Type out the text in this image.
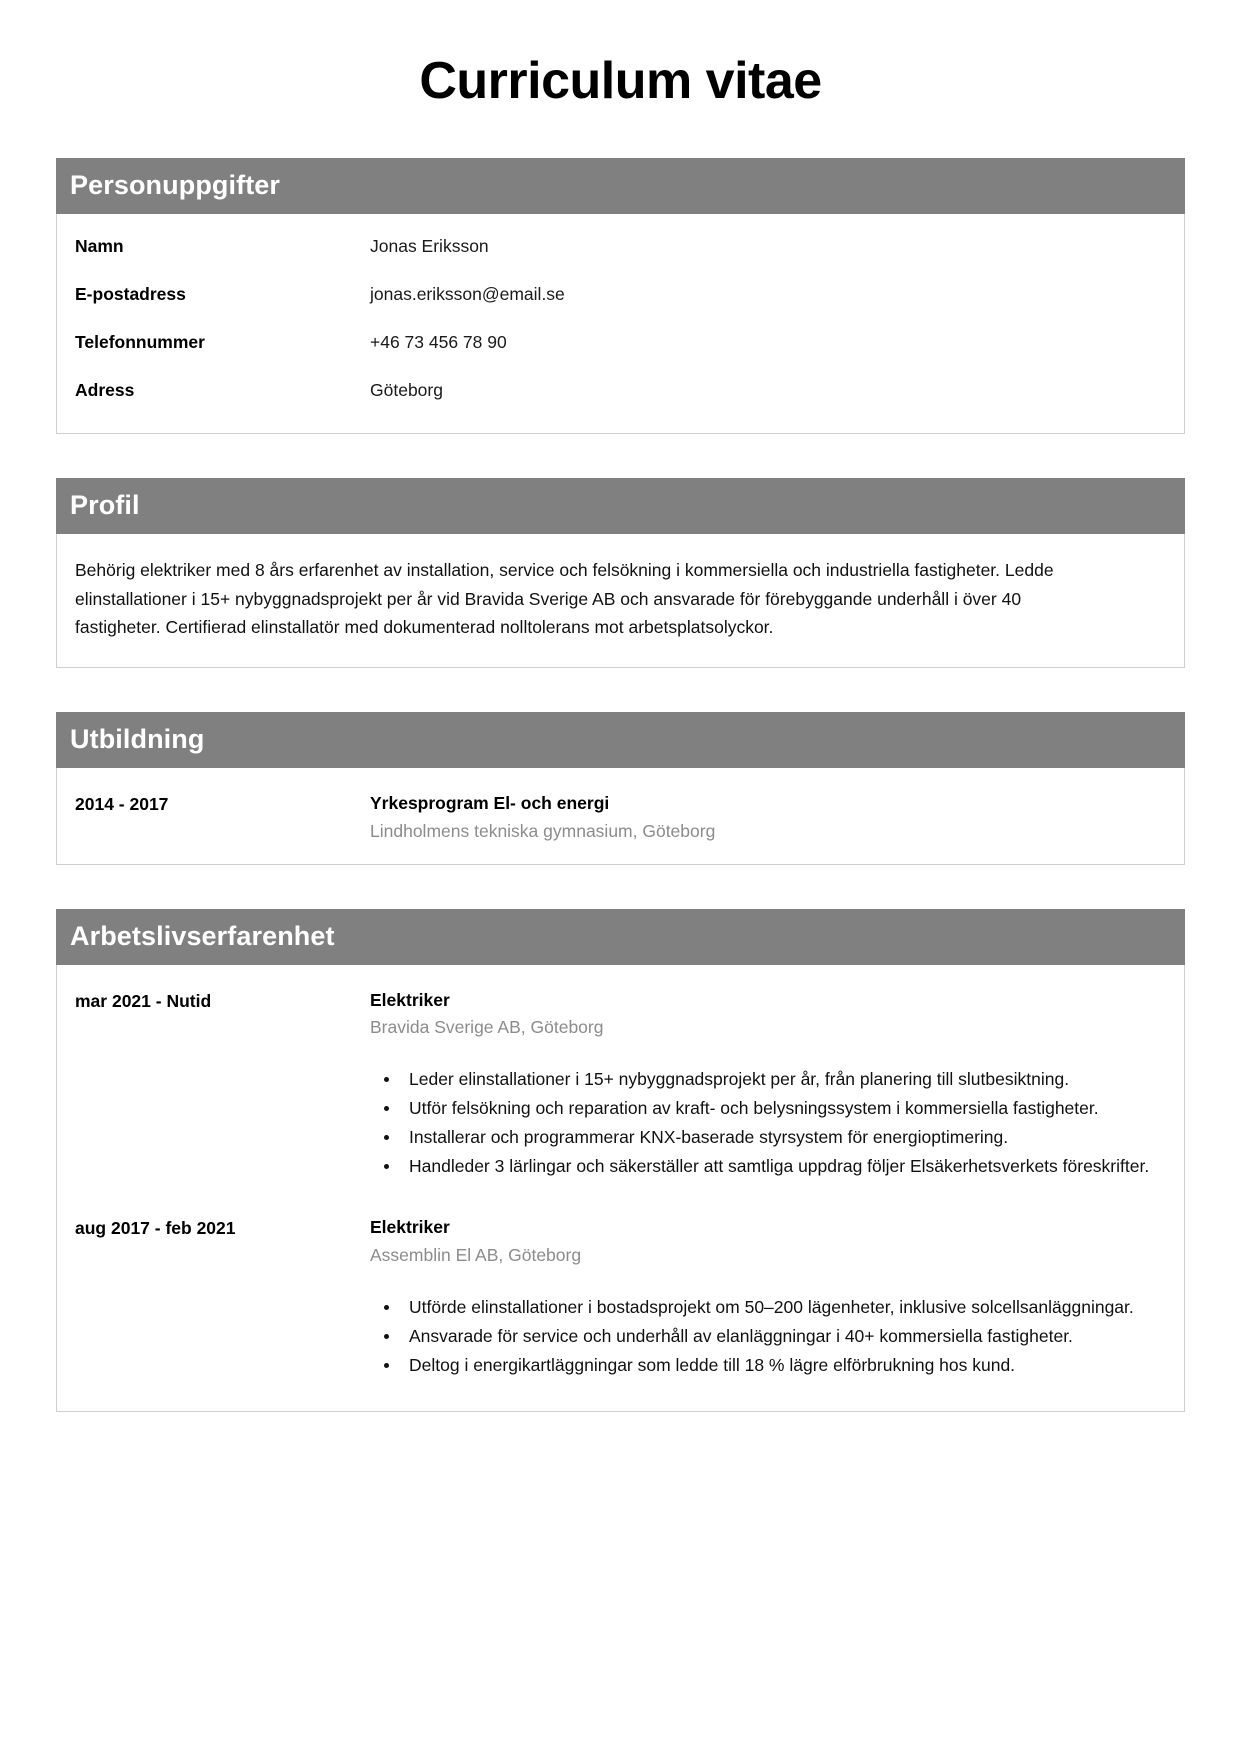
Curriculum vitae
Personuppgifter
Namn	Jonas Eriksson
E-postadress	jonas.eriksson@email.se
Telefonnummer	+46 73 456 78 90
Adress	Göteborg
Profil

Behörig elektriker med 8 års erfarenhet av installation, service och felsökning i kommersiella och industriella fastigheter. Ledde elinstallationer i 15+ nybyggnadsprojekt per år vid Bravida Sverige AB och ansvarade för förebyggande underhåll i över 40 fastigheter. Certifierad elinstallatör med dokumenterad nolltolerans mot arbetsplatsolyckor.

Utbildning
2014 - 2017	Yrkesprogram El- och energi
Lindholmens tekniska gymnasium, Göteborg
Arbetslivserfarenhet
mar 2021 - Nutid	Elektriker
Bravida Sverige AB, Göteborg
• Leder elinstallationer i 15+ nybyggnadsprojekt per år, från planering till slutbesiktning.
• Utför felsökning och reparation av kraft- och belysningssystem i kommersiella fastigheter.
• Installerar och programmerar KNX-baserade styrsystem för energioptimering.
• Handleder 3 lärlingar och säkerställer att samtliga uppdrag följer Elsäkerhetsverkets föreskrifter.
aug 2017 - feb 2021	Elektriker
Assemblin El AB, Göteborg
• Utförde elinstallationer i bostadsprojekt om 50–200 lägenheter, inklusive solcellsanläggningar.
• Ansvarade för service och underhåll av elanläggningar i 40+ kommersiella fastigheter.
• Deltog i energikartläggningar som ledde till 18 % lägre elförbrukning hos kund.
